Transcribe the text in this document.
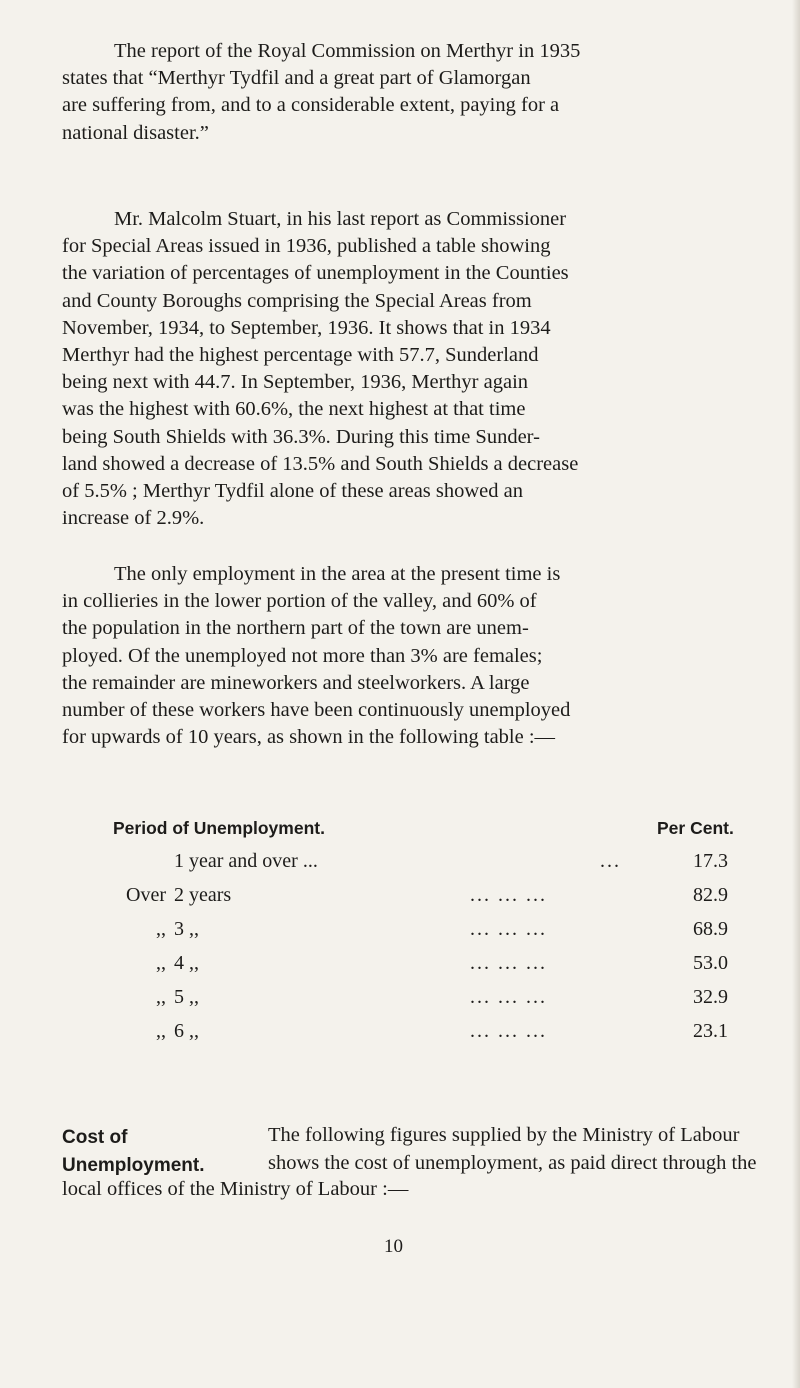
The report of the Royal Commission on Merthyr in 1935
states that “Merthyr Tydfil and a great part of Glamorgan
are suffering from, and to a considerable extent, paying for a
national disaster.”

Mr. Malcolm Stuart, in his last report as Commissioner
for Special Areas issued in 1936, published a table showing
the variation of percentages of unemployment in the Counties
and County Boroughs comprising the Special Areas from
November, 1934, to September, 1936. It shows that in 1934
Merthyr had the highest percentage with 57.7, Sunderland
being next with 44.7. In September, 1936, Merthyr again
was the highest with 60.6%, the next highest at that time
being South Shields with 36.3%. During this time Sunder-
land showed a decrease of 13.5% and South Shields a decrease
of 5.5% ; Merthyr Tydfil alone of these areas showed an
increase of 2.9%.

The only employment in the area at the present time is
in collieries in the lower portion of the valley, and 60% of
the population in the northern part of the town are unem-
ployed. Of the unemployed not more than 3% are females;
the remainder are mineworkers and steelworkers. A large
number of these workers have been continuously unemployed
for upwards of 10 years, as shown in the following table :—

Period of Unemployment.	Per Cent.
1 year and over ...	...	17.3
Over 2 years	... ... ...	82.9
,, 3 ,,	... ... ...	68.9
,, 4 ,,	... ... ...	53.0
,, 5 ,,	... ... ...	32.9
,, 6 ,,	... ... ...	23.1
Cost of
Unemployment.

The following figures supplied by the Ministry of Labour shows the cost of unemployment, as paid direct through the

local offices of the Ministry of Labour :—

10
